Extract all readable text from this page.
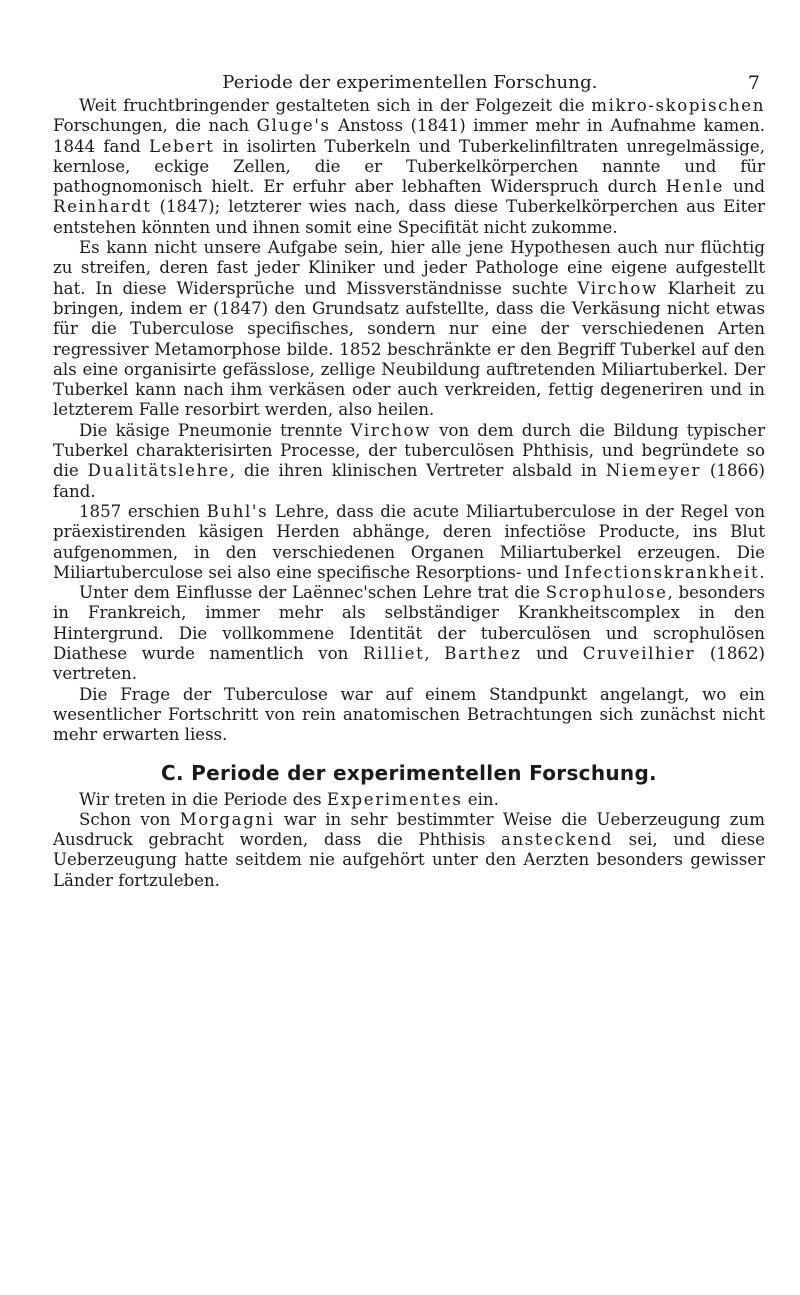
Periode der experimentellen Forschung.	7

Weit fruchtbringender gestalteten sich in der Folgezeit die mikro-skopischen Forschungen, die nach Gluge's Anstoss (1841) immer mehr in Aufnahme kamen. 1844 fand Lebert in isolirten Tuberkeln und Tuberkelinfiltraten unregelmässige, kernlose, eckige Zellen, die er Tuberkelkörperchen nannte und für pathognomonisch hielt. Er erfuhr aber lebhaften Widerspruch durch Henle und Reinhardt (1847); letzterer wies nach, dass diese Tuberkelkörperchen aus Eiter entstehen könnten und ihnen somit eine Specifität nicht zukomme.

Es kann nicht unsere Aufgabe sein, hier alle jene Hypothesen auch nur flüchtig zu streifen, deren fast jeder Kliniker und jeder Pathologe eine eigene aufgestellt hat. In diese Widersprüche und Missverständnisse suchte Virchow Klarheit zu bringen, indem er (1847) den Grundsatz aufstellte, dass die Verkäsung nicht etwas für die Tuberculose specifisches, sondern nur eine der verschiedenen Arten regressiver Metamorphose bilde. 1852 beschränkte er den Begriff Tuberkel auf den als eine organisirte gefässlose, zellige Neubildung auftretenden Miliartuberkel. Der Tuberkel kann nach ihm verkäsen oder auch verkreiden, fettig degeneriren und in letzterem Falle resorbirt werden, also heilen.

Die käsige Pneumonie trennte Virchow von dem durch die Bildung typischer Tuberkel charakterisirten Processe, der tuberculösen Phthisis, und begründete so die Dualitätslehre, die ihren klinischen Vertreter alsbald in Niemeyer (1866) fand.

1857 erschien Buhl's Lehre, dass die acute Miliartuberculose in der Regel von präexistirenden käsigen Herden abhänge, deren infectiöse Producte, ins Blut aufgenommen, in den verschiedenen Organen Miliartuberkel erzeugen. Die Miliartuberculose sei also eine specifische Resorptions- und Infectionskrankheit.

Unter dem Einflusse der Laënnec'schen Lehre trat die Scrophulose, besonders in Frankreich, immer mehr als selbständiger Krankheitscomplex in den Hintergrund. Die vollkommene Identität der tuberculösen und scrophulösen Diathese wurde namentlich von Rilliet, Barthez und Cruveilhier (1862) vertreten.

Die Frage der Tuberculose war auf einem Standpunkt angelangt, wo ein wesentlicher Fortschritt von rein anatomischen Betrachtungen sich zunächst nicht mehr erwarten liess.

C. Periode der experimentellen Forschung.

Wir treten in die Periode des Experimentes ein.

Schon von Morgagni war in sehr bestimmter Weise die Ueberzeugung zum Ausdruck gebracht worden, dass die Phthisis ansteckend sei, und diese Ueberzeugung hatte seitdem nie aufgehört unter den Aerzten besonders gewisser Länder fortzuleben.
